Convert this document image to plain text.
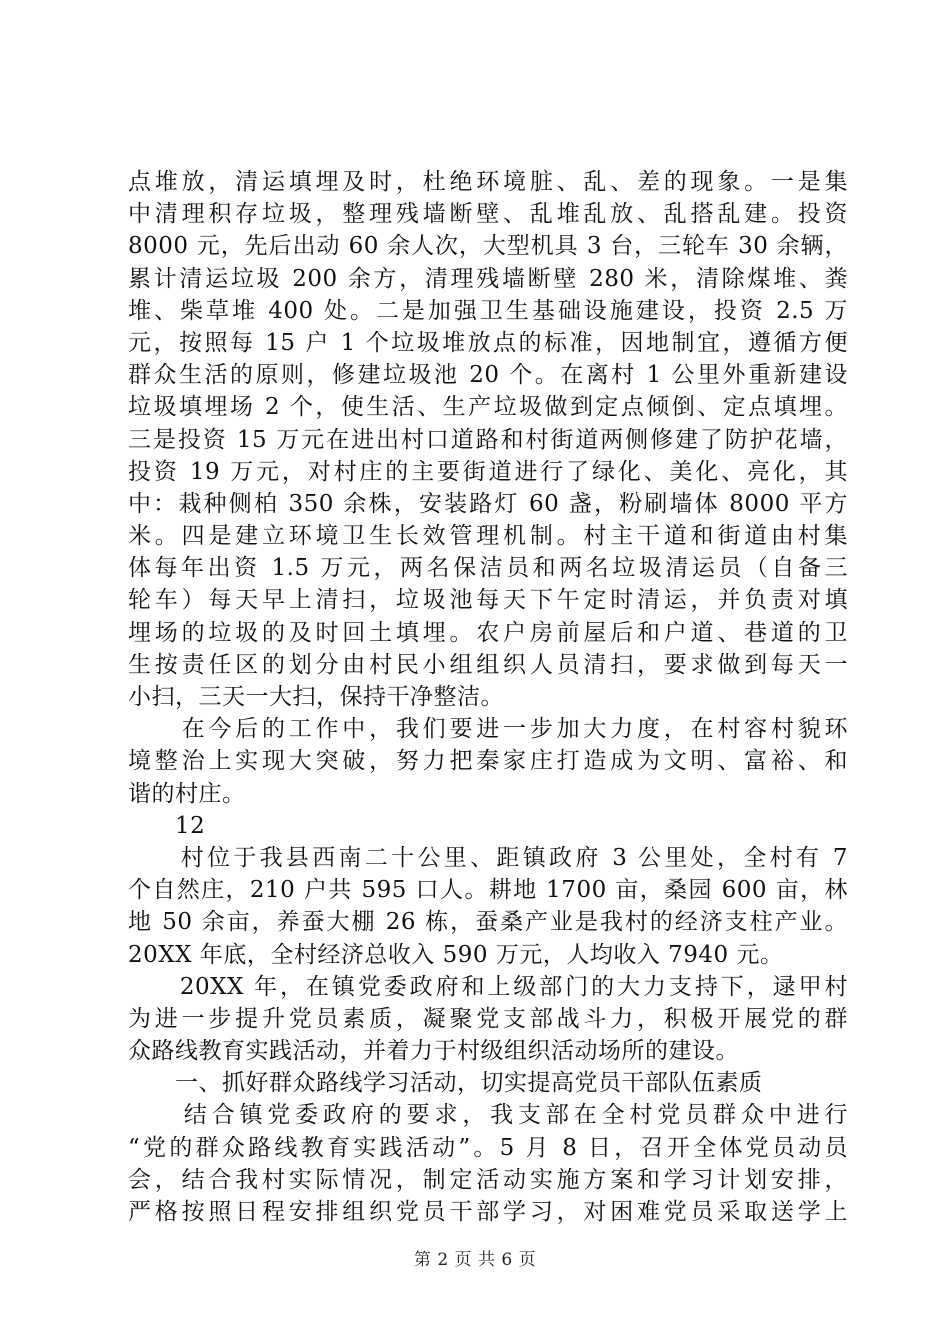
点堆放，清运填埋及时，杜绝环境脏、乱、差的现象。一是集
中清理积存垃圾，整理残墙断壁、乱堆乱放、乱搭乱建。投资
8000 元，先后出动 60 余人次，大型机具 3 台，三轮车 30 余辆，
累计清运垃圾 200 余方，清理残墙断壁 280 米，清除煤堆、粪
堆、柴草堆 400 处。二是加强卫生基础设施建设，投资 2.5 万
元，按照每 15 户 1 个垃圾堆放点的标准，因地制宜，遵循方便
群众生活的原则，修建垃圾池 20 个。在离村 1 公里外重新建设
垃圾填埋场 2 个，使生活、生产垃圾做到定点倾倒、定点填埋。
三是投资 15 万元在进出村口道路和村街道两侧修建了防护花墙，
投资 19 万元，对村庄的主要街道进行了绿化、美化、亮化，其
中：栽种侧柏 350 余株，安装路灯 60 盏，粉刷墙体 8000 平方
米。四是建立环境卫生长效管理机制。村主干道和街道由村集
体每年出资 1.5 万元，两名保洁员和两名垃圾清运员（自备三
轮车）每天早上清扫，垃圾池每天下午定时清运，并负责对填
埋场的垃圾的及时回土填埋。农户房前屋后和户道、巷道的卫
生按责任区的划分由村民小组组织人员清扫，要求做到每天一
小扫，三天一大扫，保持干净整洁。
　　在今后的工作中，我们要进一步加大力度，在村容村貌环
境整治上实现大突破，努力把秦家庄打造成为文明、富裕、和
谐的村庄。
　　12
　　村位于我县西南二十公里、距镇政府 3 公里处，全村有 7
个自然庄，210 户共 595 口人。耕地 1700 亩，桑园 600 亩，林
地 50 余亩，养蚕大棚 26 栋，蚕桑产业是我村的经济支柱产业。
20XX 年底，全村经济总收入 590 万元，人均收入 7940 元。
　　20XX 年，在镇党委政府和上级部门的大力支持下，逯甲村
为进一步提升党员素质，凝聚党支部战斗力，积极开展党的群
众路线教育实践活动，并着力于村级组织活动场所的建设。
　　一、抓好群众路线学习活动，切实提高党员干部队伍素质
　　结合镇党委政府的要求，我支部在全村党员群众中进行
“党的群众路线教育实践活动”。5 月 8 日，召开全体党员动员
会，结合我村实际情况，制定活动实施方案和学习计划安排，
严格按照日程安排组织党员干部学习，对困难党员采取送学上
第 2 页 共 6 页
